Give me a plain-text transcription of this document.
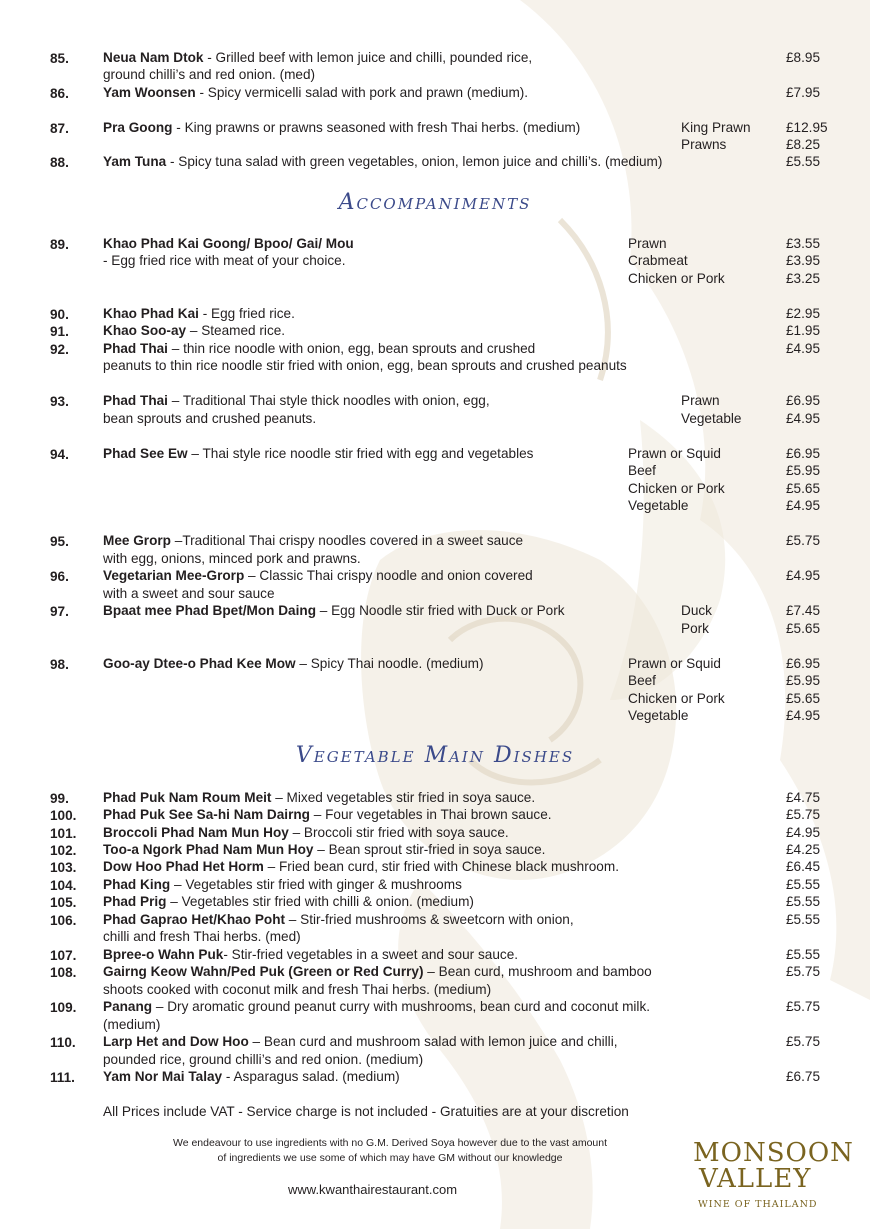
85.	Neua Nam Dtok - Grilled beef with lemon juice and chilli, pounded rice,
ground chilli’s and red onion. (med)
£8.95
86.	Yam Woonsen - Spicy vermicelli salad with pork and prawn (medium).	£7.95
87.	Pra Goong - King prawns or prawns seasoned with fresh Thai herbs. (medium)	King Prawn	£12.95
Prawns	£8.25
88.	Yam Tuna - Spicy tuna salad with green vegetables, onion, lemon juice and chilli’s. (medium)	£5.55
Accompaniments
89.	Khao Phad Kai Goong/ Bpoo/ Gai/ Mou
- Egg fried rice with meat of your choice.
Prawn	£3.55
Crabmeat	£3.95
Chicken or Pork	£3.25
90.	Khao Phad Kai - Egg fried rice.	£2.95
91.	Khao Soo-ay – Steamed rice.	£1.95
92.	Phad Thai – thin rice noodle with onion, egg, bean sprouts and crushed
peanuts to thin rice noodle stir fried with onion, egg, bean sprouts and crushed peanuts
£4.95
93.	Phad Thai – Traditional Thai style thick noodles with onion, egg,
bean sprouts and crushed peanuts.
Prawn	£6.95
Vegetable	£4.95
94.	Phad See Ew – Thai style rice noodle stir fried with egg and vegetables	Prawn or Squid	£6.95
Beef	£5.95
Chicken or Pork	£5.65
Vegetable	£4.95
95.	Mee Grorp –Traditional Thai crispy noodles covered in a sweet sauce
with egg, onions, minced pork and prawns.
£5.75
96.	Vegetarian Mee-Grorp – Classic Thai crispy noodle and onion covered
with a sweet and sour sauce
£4.95
97.	Bpaat mee Phad Bpet/Mon Daing – Egg Noodle stir fried with Duck or Pork	Duck	£7.45
Pork	£5.65
98.	Goo-ay Dtee-o Phad Kee Mow – Spicy Thai noodle. (medium)	Prawn or Squid	£6.95
Beef	£5.95
Chicken or Pork	£5.65
Vegetable	£4.95
Vegetable Main Dishes
99.	Phad Puk Nam Roum Meit – Mixed vegetables stir fried in soya sauce.	£4.75
100. Phad Puk See Sa-hi Nam Dairng – Four vegetables in Thai brown sauce.	£5.75
101. Broccoli Phad Nam Mun Hoy – Broccoli stir fried with soya sauce.	£4.95
102. Too-a Ngork Phad Nam Mun Hoy – Bean sprout stir-fried in soya sauce.	£4.25
103. Dow Hoo Phad Het Horm – Fried bean curd, stir fried with Chinese black mushroom.	£6.45
104. Phad King – Vegetables stir fried with ginger & mushrooms	£5.55
105. Phad Prig – Vegetables stir fried with chilli & onion. (medium)	£5.55
106. Phad Gaprao Het/Khao Poht – Stir-fried mushrooms & sweetcorn with onion,
chilli and fresh Thai herbs. (med)
£5.55
107. Bpree-o Wahn Puk- Stir-fried vegetables in a sweet and sour sauce.	£5.55
108. Gairng Keow Wahn/Ped Puk (Green or Red Curry) – Bean curd, mushroom and bamboo
shoots cooked with coconut milk and fresh Thai herbs. (medium)
£5.75
109. Panang – Dry aromatic ground peanut curry with mushrooms, bean curd and coconut milk.
(medium)
£5.75
110. Larp Het and Dow Hoo – Bean curd and mushroom salad with lemon juice and chilli,
pounded rice, ground chilli’s and red onion. (medium)
£5.75
111. Yam Nor Mai Talay - Asparagus salad. (medium)	£6.75
All Prices include VAT - Service charge is not included - Gratuities are at your discretion
We endeavour to use ingredients with no G.M. Derived Soya however due to the vast amount
of ingredients we use some of which may have GM without our knowledge
www.kwanthairestaurant.com
MONSOON
VALLEY
WINE OF THAILAND
